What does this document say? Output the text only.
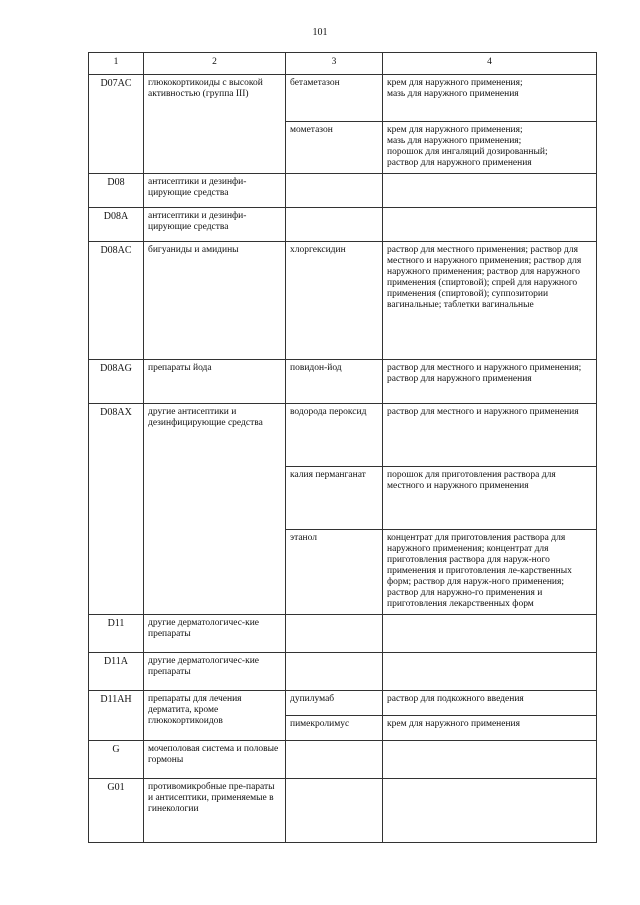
101
1	2	3	4
D07AC	глюкокортикоиды с высокой активностью (группа III)	бетаметазон	крем для наружного применения;
мазь для наружного применения
		мометазон	крем для наружного применения;
мазь для наружного применения;
порошок для ингаляций дозированный;
раствор для наружного применения
D08	антисептики и дезинфи-цирующие средства		
D08A	антисептики и дезинфи-цирующие средства		
D08AC	бигуаниды и амидины	хлоргексидин	раствор для местного применения; раствор для местного и наружного применения; раствор для наружного применения; раствор для наружного применения (спиртовой); спрей для наружного применения (спиртовой); суппозитории вагинальные; таблетки вагинальные
D08AG	препараты йода	повидон-йод	раствор для местного и наружного применения;
раствор для наружного применения
D08AX	другие антисептики и дезинфицирующие средства	водорода пероксид	раствор для местного и наружного применения
		калия перманганат	порошок для приготовления раствора для местного и наружного применения
		этанол	концентрат для приготовления раствора для наружного применения; концентрат для приготовления раствора для наруж-ного применения и приготовления ле-карственных форм; раствор для наруж-ного применения; раствор для наружно-го применения и приготовления лекарственных форм
D11	другие дерматологичес-кие препараты		
D11A	другие дерматологичес-кие препараты		
D11AH	препараты для лечения дерматита, кроме глюкокортикоидов	дупилумаб	раствор для подкожного введения
		пимекролимус	крем для наружного применения
G	мочеполовая система и половые гормоны		
G01	противомикробные пре-параты и антисептики, применяемые в гинекологии		
